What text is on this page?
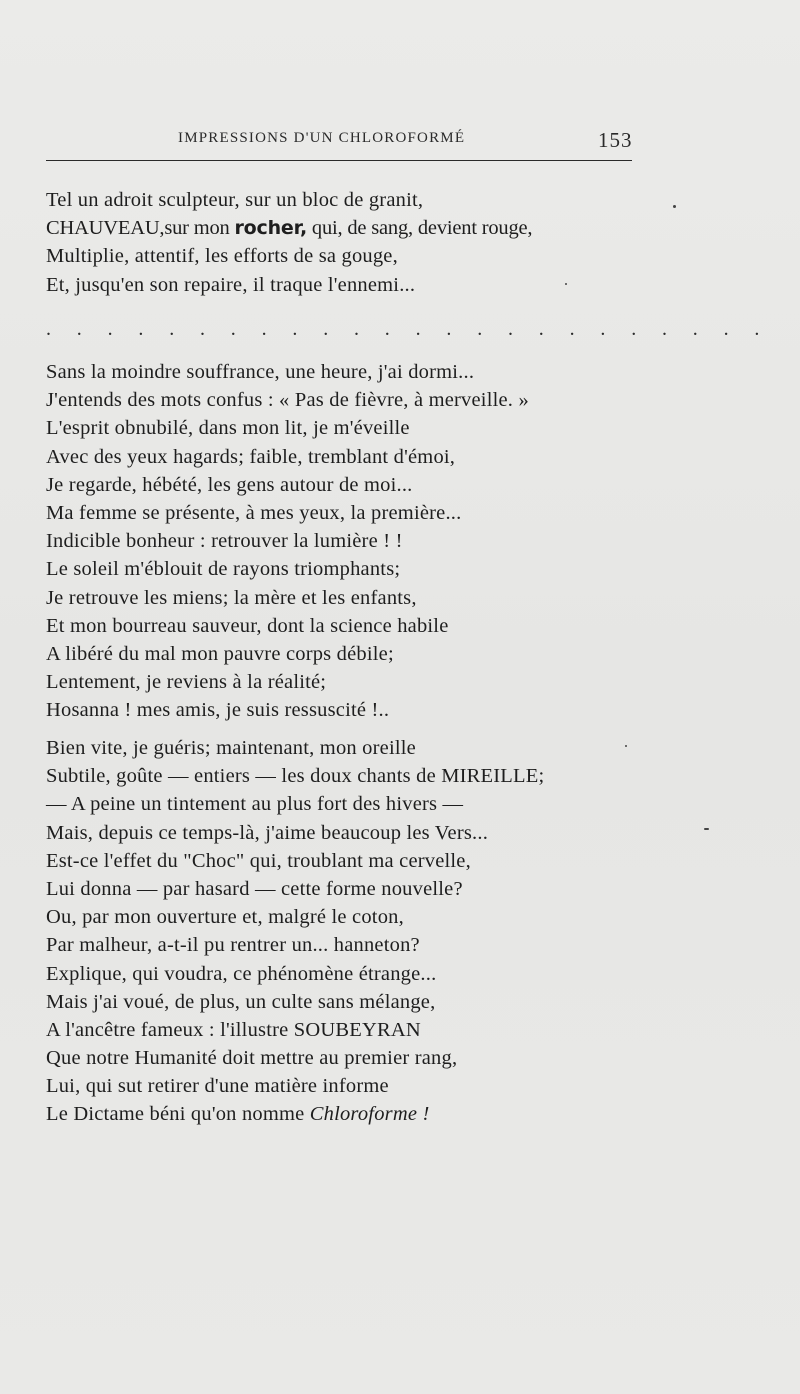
IMPRESSIONS D'UN CHLOROFORMÉ	153
Tel un adroit sculpteur, sur un bloc de granit,
CHAUVEAU,sur mon rocher, qui, de sang, devient rouge,
Multiplie, attentif, les efforts de sa gouge,
Et, jusqu'en son repaire, il traque l'ennemi...
. . . . . . . . . . . . . . . . . . . . . . . .
Sans la moindre souffrance, une heure, j'ai dormi...
J'entends des mots confus : « Pas de fièvre, à merveille. »
L'esprit obnubilé, dans mon lit, je m'éveille
Avec des yeux hagards; faible, tremblant d'émoi,
Je regarde, hébété, les gens autour de moi...
Ma femme se présente, à mes yeux, la première...
Indicible bonheur : retrouver la lumière ! !
Le soleil m'éblouit de rayons triomphants;
Je retrouve les miens; la mère et les enfants,
Et mon bourreau sauveur, dont la science habile
A libéré du mal mon pauvre corps débile;
Lentement, je reviens à la réalité;
Hosanna ! mes amis, je suis ressuscité !..
Bien vite, je guéris; maintenant, mon oreille
Subtile, goûte — entiers — les doux chants de MIREILLE;
— A peine un tintement au plus fort des hivers —
Mais, depuis ce temps-là, j'aime beaucoup les Vers...
Est-ce l'effet du "Choc" qui, troublant ma cervelle,
Lui donna — par hasard — cette forme nouvelle?
Ou, par mon ouverture et, malgré le coton,
Par malheur, a-t-il pu rentrer un... hanneton?
Explique, qui voudra, ce phénomène étrange...
Mais j'ai voué, de plus, un culte sans mélange,
A l'ancêtre fameux : l'illustre SOUBEYRAN
Que notre Humanité doit mettre au premier rang,
Lui, qui sut retirer d'une matière informe
Le Dictame béni qu'on nomme Chloroforme !
